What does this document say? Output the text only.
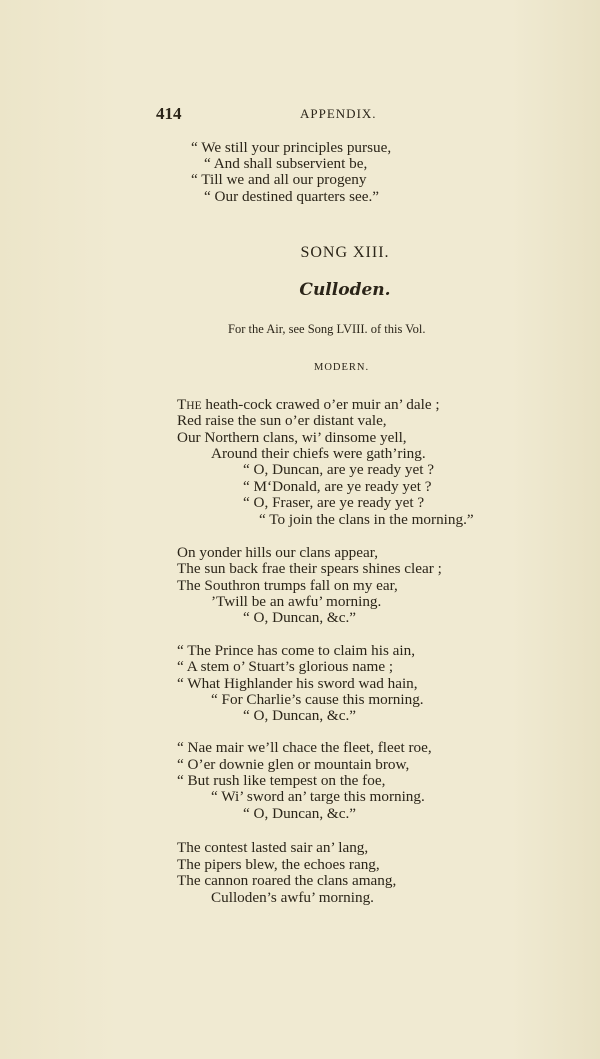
414	APPENDIX.
“ We still your principles pursue,
“ And shall subservient be,
“ Till we and all our progeny
“ Our destined quarters see.”
SONG XIII.
Culloden.
For the Air, see Song LVIII. of this Vol.
MODERN.
THE heath-cock crawed o’er muir an’ dale ;
Red raise the sun o’er distant vale,
Our Northern clans, wi’ dinsome yell,
Around their chiefs were gath’ring.
“ O, Duncan, are ye ready yet ?
“ M‘Donald, are ye ready yet ?
“ O, Fraser, are ye ready yet ?
“ To join the clans in the morning.”
On yonder hills our clans appear,
The sun back frae their spears shines clear ;
The Southron trumps fall on my ear,
’Twill be an awfu’ morning.
“ O, Duncan, &c.”
“ The Prince has come to claim his ain,
“ A stem o’ Stuart’s glorious name ;
“ What Highlander his sword wad hain,
“ For Charlie’s cause this morning.
“ O, Duncan, &c.”
“ Nae mair we’ll chace the fleet, fleet roe,
“ O’er downie glen or mountain brow,
“ But rush like tempest on the foe,
“ Wi’ sword an’ targe this morning.
“ O, Duncan, &c.”
The contest lasted sair an’ lang,
The pipers blew, the echoes rang,
The cannon roared the clans amang,
Culloden’s awfu’ morning.
